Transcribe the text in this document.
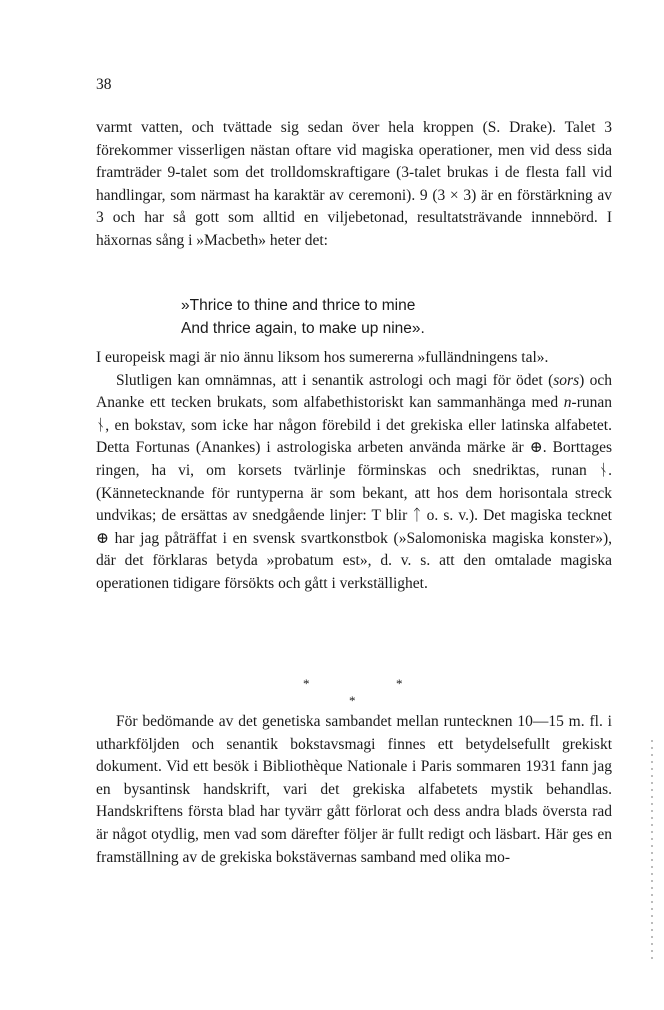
38

varmt vatten, och tvättade sig sedan över hela kroppen (S. Drake). Talet 3 förekommer visserligen nästan oftare vid magiska operationer, men vid dess sida framträder 9-talet som det trolldomskraftigare (3-talet brukas i de flesta fall vid handlingar, som närmast ha karaktär av ceremoni). 9 (3 × 3) är en förstärkning av 3 och har så gott som alltid en viljebetonad, resultatsträvande innnebörd. I häxornas sång i »Macbeth» heter det:

»Thrice to thine and thrice to mine
And thrice again, to make up nine».

I europeisk magi är nio ännu liksom hos sumererna »fulländningens tal».

Slutligen kan omnämnas, att i senantik astrologi och magi för ödet (sors) och Ananke ett tecken brukats, som alfabethistoriskt kan sammanhänga med n-runan ᚾ, en bokstav, som icke har någon förebild i det grekiska eller latinska alfabetet. Detta Fortunas (Anankes) i astrologiska arbeten använda märke är ⊕. Borttages ringen, ha vi, om korsets tvärlinje förminskas och snedriktas, runan ᚾ. (Kännetecknande för runtyperna är som bekant, att hos dem horisontala streck undvikas; de ersättas av snedgående linjer: T blir ᛏ o. s. v.). Det magiska tecknet ⊕ har jag påträffat i en svensk svartkonstbok (»Salomoniska magiska konster»), där det förklaras betyda »probatum est», d. v. s. att den omtalade magiska operationen tidigare försökts och gått i verkställighet.

*	*
*

För bedömande av det genetiska sambandet mellan runtecknen 10—15 m. fl. i utharkföljden och senantik bokstavsmagi finnes ett betydelsefullt grekiskt dokument. Vid ett besök i Bibliothèque Nationale i Paris sommaren 1931 fann jag en bysantinsk handskrift, vari det grekiska alfabetets mystik behandlas. Handskriftens första blad har tyvärr gått förlorat och dess andra blads översta rad är något otydlig, men vad som därefter följer är fullt redigt och läsbart. Här ges en framställning av de grekiska bokstävernas samband med olika mo-
